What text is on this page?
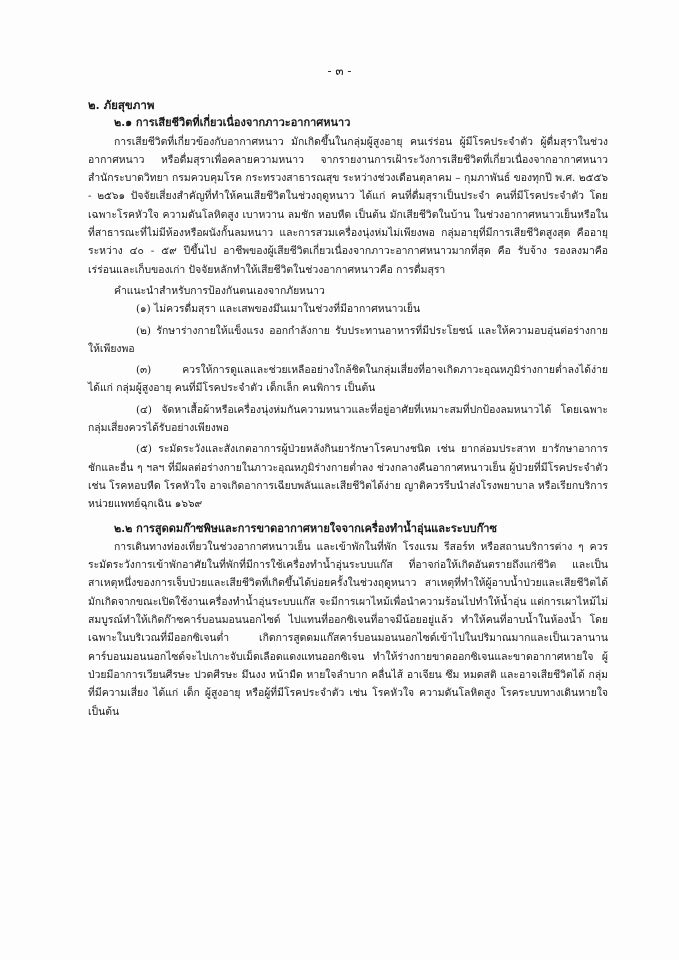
- ๓ -

๒. ภัยสุขภาพ

๒.๑ การเสียชีวิตที่เกี่ยวเนื่องจากภาวะอากาศหนาว

การเสียชีวิตที่เกี่ยวข้องกับอากาศหนาว มักเกิดขึ้นในกลุ่มผู้สูงอายุ คนเร่ร่อน ผู้มีโรคประจำตัว ผู้ดื่มสุราในช่วงอากาศหนาว หรือดื่มสุราเพื่อคลายความหนาว จากรายงานการเฝ้าระวังการเสียชีวิตที่เกี่ยวเนื่องจากอากาศหนาว สำนักระบาดวิทยา กรมควบคุมโรค กระทรวงสาธารณสุข ระหว่างช่วงเดือนตุลาคม – กุมภาพันธ์ ของทุกปี พ.ศ. ๒๕๕๖ - ๒๕๖๑ ปัจจัยเสี่ยงสำคัญที่ทำให้คนเสียชีวิตในช่วงฤดูหนาว ได้แก่ คนที่ดื่มสุราเป็นประจำ คนที่มีโรคประจำตัว โดยเฉพาะโรคหัวใจ ความดันโลหิตสูง เบาหวาน ลมชัก หอบหืด เป็นต้น มักเสียชีวิตในบ้าน ในช่วงอากาศหนาวเย็นหรือในที่สาธารณะที่ไม่มีห้องหรือผนังกั้นลมหนาว และการสวมเครื่องนุ่งห่มไม่เพียงพอ กลุ่มอายุที่มีการเสียชีวิตสูงสุด คืออายุระหว่าง ๔๐ - ๕๙ ปีขึ้นไป อาชีพของผู้เสียชีวิตเกี่ยวเนื่องจากภาวะอากาศหนาวมากที่สุด คือ รับจ้าง รองลงมาคือ เร่ร่อนและเก็บของเก่า ปัจจัยหลักทำให้เสียชีวิตในช่วงอากาศหนาวคือ การดื่มสุรา

คำแนะนำสำหรับการป้องกันตนเองจากภัยหนาว

(๑) ไม่ควรดื่มสุรา และเสพของมึนเมาในช่วงที่มีอากาศหนาวเย็น

(๒) รักษาร่างกายให้แข็งแรง ออกกำลังกาย รับประทานอาหารที่มีประโยชน์ และให้ความอบอุ่นต่อร่างกายให้เพียงพอ

(๓) ควรให้การดูแลและช่วยเหลืออย่างใกล้ชิดในกลุ่มเสี่ยงที่อาจเกิดภาวะอุณหภูมิร่างกายต่ำลงได้ง่าย ได้แก่ กลุ่มผู้สูงอายุ คนที่มีโรคประจำตัว เด็กเล็ก คนพิการ เป็นต้น

(๔) จัดหาเสื้อผ้าหรือเครื่องนุ่งห่มกันความหนาวและที่อยู่อาศัยที่เหมาะสมที่ปกป้องลมหนาวได้ โดยเฉพาะกลุ่มเสี่ยงควรได้รับอย่างเพียงพอ

(๕) ระมัดระวังและสังเกตอาการผู้ป่วยหลังกินยารักษาโรคบางชนิด เช่น ยากล่อมประสาท ยารักษาอาการชักและอื่น ๆ ฯลฯ ที่มีผลต่อร่างกายในภาวะอุณหภูมิร่างกายต่ำลง ช่วงกลางคืนอากาศหนาวเย็น ผู้ป่วยที่มีโรคประจำตัว เช่น โรคหอบหืด โรคหัวใจ อาจเกิดอาการเฉียบพลันและเสียชีวิตได้ง่าย ญาติควรรีบนำส่งโรงพยาบาล หรือเรียกบริการหน่วยแพทย์ฉุกเฉิน ๑๖๖๙

๒.๒ การสูดดมก๊าซพิษและการขาดอากาศหายใจจากเครื่องทำน้ำอุ่นและระบบก๊าซ

การเดินทางท่องเที่ยวในช่วงอากาศหนาวเย็น และเข้าพักในที่พัก โรงแรม รีสอร์ท หรือสถานบริการต่าง ๆ ควรระมัดระวังการเข้าพักอาศัยในที่พักที่มีการใช้เครื่องทำน้ำอุ่นระบบแก๊ส ที่อาจก่อให้เกิดอันตรายถึงแก่ชีวิต และเป็นสาเหตุหนึ่งของการเจ็บป่วยและเสียชีวิตที่เกิดขึ้นได้บ่อยครั้งในช่วงฤดูหนาว สาเหตุที่ทำให้ผู้อาบน้ำป่วยและเสียชีวิตได้ มักเกิดจากขณะเปิดใช้งานเครื่องทำน้ำอุ่นระบบแก๊ส จะมีการเผาไหม้เพื่อนำความร้อนไปทำให้น้ำอุ่น แต่การเผาไหม้ไม่สมบูรณ์ทำให้เกิดก๊าซคาร์บอนมอนนอกไซด์ ไปแทนที่ออกซิเจนที่อาจมีน้อยอยู่แล้ว ทำให้คนที่อาบน้ำในห้องน้ำ โดยเฉพาะในบริเวณที่มีออกซิเจนต่ำ เกิดการสูดดมแก๊สคาร์บอนมอนนอกไซด์เข้าไปในปริมาณมากและเป็นเวลานาน คาร์บอนมอนนอกไซด์จะไปเกาะจับเม็ดเลือดแดงแทนออกซิเจน ทำให้ร่างกายขาดออกซิเจนและขาดอากาศหายใจ ผู้ป่วยมีอาการเวียนศีรษะ ปวดศีรษะ มึนงง หน้ามืด หายใจลำบาก คลื่นไส้ อาเจียน ซึม หมดสติ และอาจเสียชีวิตได้ กลุ่มที่มีความเสี่ยง ได้แก่ เด็ก ผู้สูงอายุ หรือผู้ที่มีโรคประจำตัว เช่น โรคหัวใจ ความดันโลหิตสูง โรคระบบทางเดินหายใจ เป็นต้น
